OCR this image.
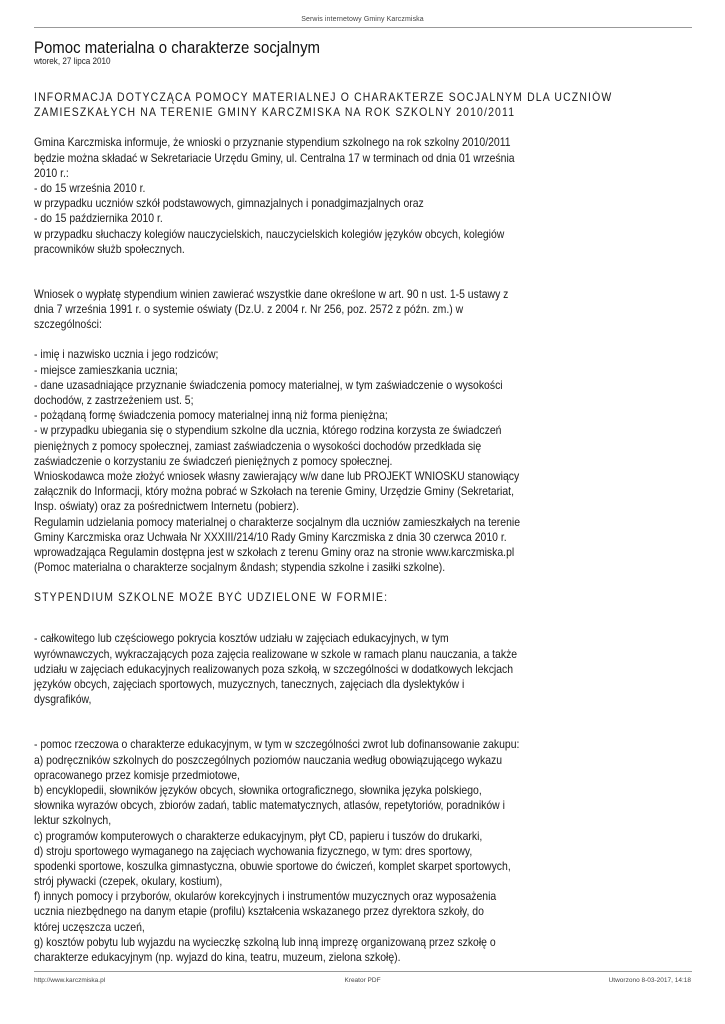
Serwis internetowy Gminy Karczmiska
Pomoc materialna o charakterze socjalnym
wtorek, 27 lipca 2010
INFORMACJA DOTYCZĄCA POMOCY MATERIALNEJ O CHARAKTERZE SOCJALNYM DLA UCZNIÓW
ZAMIESZKAŁYCH NA TERENIE GMINY KARCZMISKA NA ROK SZKOLNY 2010/2011
Gmina Karczmiska informuje, że wnioski o przyznanie stypendium szkolnego na rok szkolny 2010/2011
będzie można składać w Sekretariacie Urzędu Gminy, ul. Centralna 17 w terminach od dnia 01 września
2010 r.:
- do 15 września 2010 r.
w przypadku uczniów szkół podstawowych, gimnazjalnych i ponadgimazjalnych oraz
- do 15 października 2010 r.
w przypadku słuchaczy kolegiów nauczycielskich, nauczycielskich kolegiów języków obcych, kolegiów
pracowników służb społecznych.
Wniosek o wypłatę stypendium winien zawierać wszystkie dane określone w art. 90 n ust. 1-5 ustawy z
dnia 7 września 1991 r. o systemie oświaty (Dz.U. z 2004 r. Nr 256, poz. 2572 z późn. zm.) w
szczególności:
- imię i nazwisko ucznia i jego rodziców;
- miejsce zamieszkania ucznia;
- dane uzasadniające przyznanie świadczenia pomocy materialnej, w tym zaświadczenie o wysokości
dochodów, z zastrzeżeniem ust. 5;
- pożądaną formę świadczenia pomocy materialnej inną niż forma pieniężna;
- w przypadku ubiegania się o stypendium szkolne dla ucznia, którego rodzina korzysta ze świadczeń
pieniężnych z pomocy społecznej, zamiast zaświadczenia o wysokości dochodów przedkłada się
zaświadczenie o korzystaniu ze świadczeń pieniężnych z pomocy społecznej.
Wnioskodawca może złożyć wniosek własny zawierający w/w dane lub PROJEKT WNIOSKU stanowiący
załącznik do Informacji, który można pobrać w Szkołach na terenie Gminy, Urzędzie Gminy (Sekretariat,
Insp. oświaty) oraz za pośrednictwem Internetu (pobierz).
Regulamin udzielania pomocy materialnej o charakterze socjalnym dla uczniów zamieszkałych na terenie
Gminy Karczmiska oraz Uchwała Nr XXXIII/214/10 Rady Gminy Karczmiska z dnia 30 czerwca 2010 r.
wprowadzająca Regulamin dostępna jest w szkołach z terenu Gminy oraz na stronie www.karczmiska.pl
(Pomoc materialna o charakterze socjalnym &ndash; stypendia szkolne i zasiłki szkolne).
STYPENDIUM SZKOLNE MOŻE BYĆ UDZIELONE W FORMIE:
- całkowitego lub częściowego pokrycia kosztów udziału w zajęciach edukacyjnych, w tym
wyrównawczych, wykraczających poza zajęcia realizowane w szkole w ramach planu nauczania, a także
udziału w zajęciach edukacyjnych realizowanych poza szkołą, w szczególności w dodatkowych lekcjach
języków obcych, zajęciach sportowych, muzycznych, tanecznych, zajęciach dla dyslektyków i
dysgrafików,
- pomoc rzeczowa o charakterze edukacyjnym, w tym w szczególności zwrot lub dofinansowanie zakupu:
a) podręczników szkolnych do poszczególnych poziomów nauczania według obowiązującego wykazu
opracowanego przez komisje przedmiotowe,
b) encyklopedii, słowników języków obcych, słownika ortograficznego, słownika języka polskiego,
słownika wyrazów obcych, zbiorów zadań, tablic matematycznych, atlasów, repetytoriów, poradników i
lektur szkolnych,
c) programów komputerowych o charakterze edukacyjnym, płyt CD, papieru i tuszów do drukarki,
d) stroju sportowego wymaganego na zajęciach wychowania fizycznego, w tym: dres sportowy,
spodenki sportowe, koszulka gimnastyczna, obuwie sportowe do ćwiczeń, komplet skarpet sportowych,
strój pływacki (czepek, okulary, kostium),
f) innych pomocy i przyborów, okularów korekcyjnych i instrumentów muzycznych oraz wyposażenia
ucznia niezbędnego na danym etapie (profilu) kształcenia wskazanego przez dyrektora szkoły, do
której uczęszcza uczeń,
g) kosztów pobytu lub wyjazdu na wycieczkę szkolną lub inną imprezę organizowaną przez szkołę o
charakterze edukacyjnym (np. wyjazd do kina, teatru, muzeum, zielona szkołę).
http://www.karczmiska.pl	Kreator PDF	Utworzono 8-03-2017, 14:18
